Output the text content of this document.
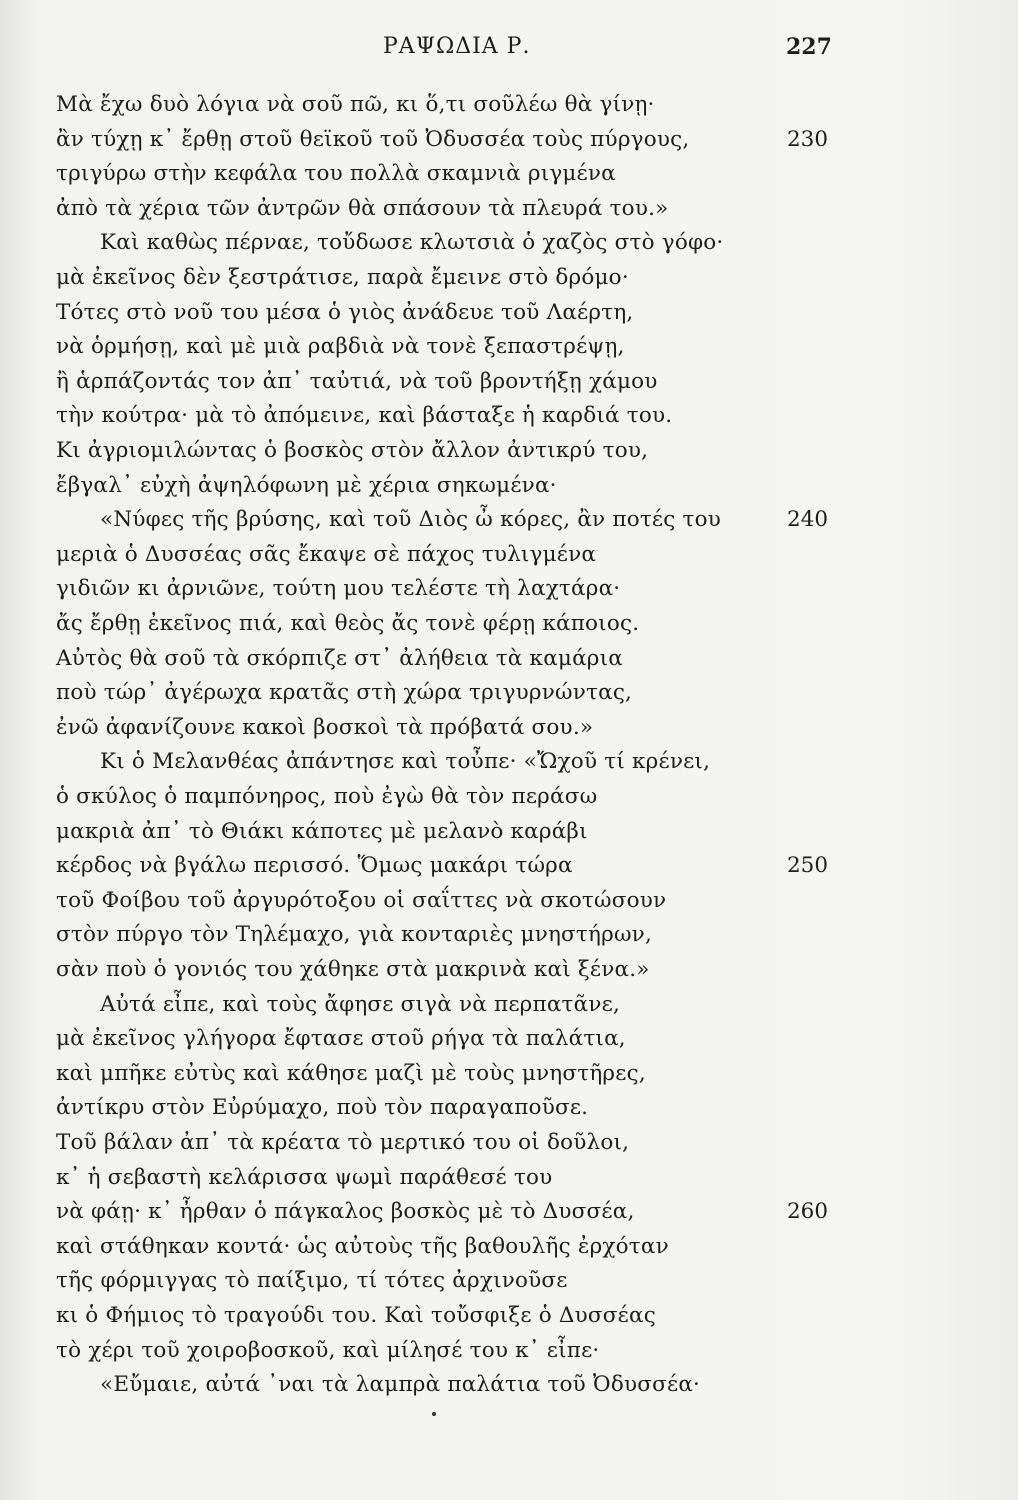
ΡΑΨΩΔΙΑ Ρ.	227
Μὰ ἔχω δυὸ λόγια νὰ σοῦ πῶ, κι ὅ,τι σοῦλέω θὰ γίνῃ·
ἂν τύχῃ κ᾿ ἔρθῃ στοῦ θεϊκοῦ τοῦ Ὀδυσσέα τοὺς πύργους,	230
τριγύρω στὴν κεφάλα του πολλὰ σκαμνιὰ ριγμένα
ἀπὸ τὰ χέρια τῶν ἀντρῶν θὰ σπάσουν τὰ πλευρά του.»
Καὶ καθὼς πέρναε, τοὔδωσε κλωτσιὰ ὁ χαζὸς στὸ γόφο·
μὰ ἐκεῖνος δὲν ξεστράτισε, παρὰ ἔμεινε στὸ δρόμο·
Τότες στὸ νοῦ του μέσα ὁ γιὸς ἀνάδευε τοῦ Λαέρτη,
νὰ ὁρμήσῃ, καὶ μὲ μιὰ ραβδιὰ νὰ τονὲ ξεπαστρέψῃ,
ἢ ἁρπάζοντάς τον ἀπ᾿ ταὐτιά, νὰ τοῦ βροντήξῃ χάμου
τὴν κούτρα· μὰ τὸ ἀπόμεινε, καὶ βάσταξε ἡ καρδιά του.
Κι ἀγριομιλώντας ὁ βοσκὸς στὸν ἄλλον ἀντικρύ του,
ἔβγαλ᾿ εὐχὴ ἀψηλόφωνη μὲ χέρια σηκωμένα·
«Νύφες τῆς βρύσης, καὶ τοῦ Διὸς ὦ κόρες, ἂν ποτές του	240
μεριὰ ὁ Δυσσέας σᾶς ἔκαψε σὲ πάχος τυλιγμένα
γιδιῶν κι ἀρνιῶνε, τούτη μου τελέστε τὴ λαχτάρα·
ἄς ἔρθῃ ἐκεῖνος πιά, καὶ θεὸς ἄς τονὲ φέρῃ κάποιος.
Αὐτὸς θὰ σοῦ τὰ σκόρπιζε στ᾿ ἀλήθεια τὰ καμάρια
ποὺ τώρ᾿ ἀγέρωχα κρατᾶς στὴ χώρα τριγυρνώντας,
ἐνῶ ἀφανίζουνε κακοὶ βοσκοὶ τὰ πρόβατά σου.»
Κι ὁ Μελανθέας ἀπάντησε καὶ τοὖπε· «Ὤχοῦ τί κρένει,
ὁ σκύλος ὁ παμπόνηρος, ποὺ ἐγὼ θὰ τὸν περάσω
μακριὰ ἀπ᾿ τὸ Θιάκι κάποτες μὲ μελανὸ καράβι
κέρδος νὰ βγάλω περισσό. Ὅμως μακάρι τώρα	250
τοῦ Φοίβου τοῦ ἀργυρότοξου οἱ σαΐττες νὰ σκοτώσουν
στὸν πύργο τὸν Τηλέμαχο, γιὰ κονταριὲς μνηστήρων,
σὰν ποὺ ὁ γονιός του χάθηκε στὰ μακρινὰ καὶ ξένα.»
Αὐτά εἶπε, καὶ τοὺς ἄφησε σιγὰ νὰ περπατᾶνε,
μὰ ἐκεῖνος γλήγορα ἔφτασε στοῦ ρήγα τὰ παλάτια,
καὶ μπῆκε εὐτὺς καὶ κάθησε μαζὶ μὲ τοὺς μνηστῆρες,
ἀντίκρυ στὸν Εὐρύμαχο, ποὺ τὸν παραγαποῦσε.
Τοῦ βάλαν ἀπ᾿ τὰ κρέατα τὸ μερτικό του οἱ δοῦλοι,
κ᾿ ἡ σεβαστὴ κελάρισσα ψωμὶ παράθεσέ του
νὰ φάῃ· κ᾿ ἦρθαν ὁ πάγκαλος βοσκὸς μὲ τὸ Δυσσέα,	260
καὶ στάθηκαν κοντά· ὡς αὐτοὺς τῆς βαθουλῆς ἐρχόταν
τῆς φόρμιγγας τὸ παίξιμο, τί τότες ἀρχινοῦσε
κι ὁ Φήμιος τὸ τραγούδι του. Καὶ τοὔσφιξε ὁ Δυσσέας
τὸ χέρι τοῦ χοιροβοσκοῦ, καὶ μίλησέ του κ᾿ εἶπε·
«Εὔμαιε, αὐτά ᾽ναι τὰ λαμπρὰ παλάτια τοῦ Ὀδυσσέα·
